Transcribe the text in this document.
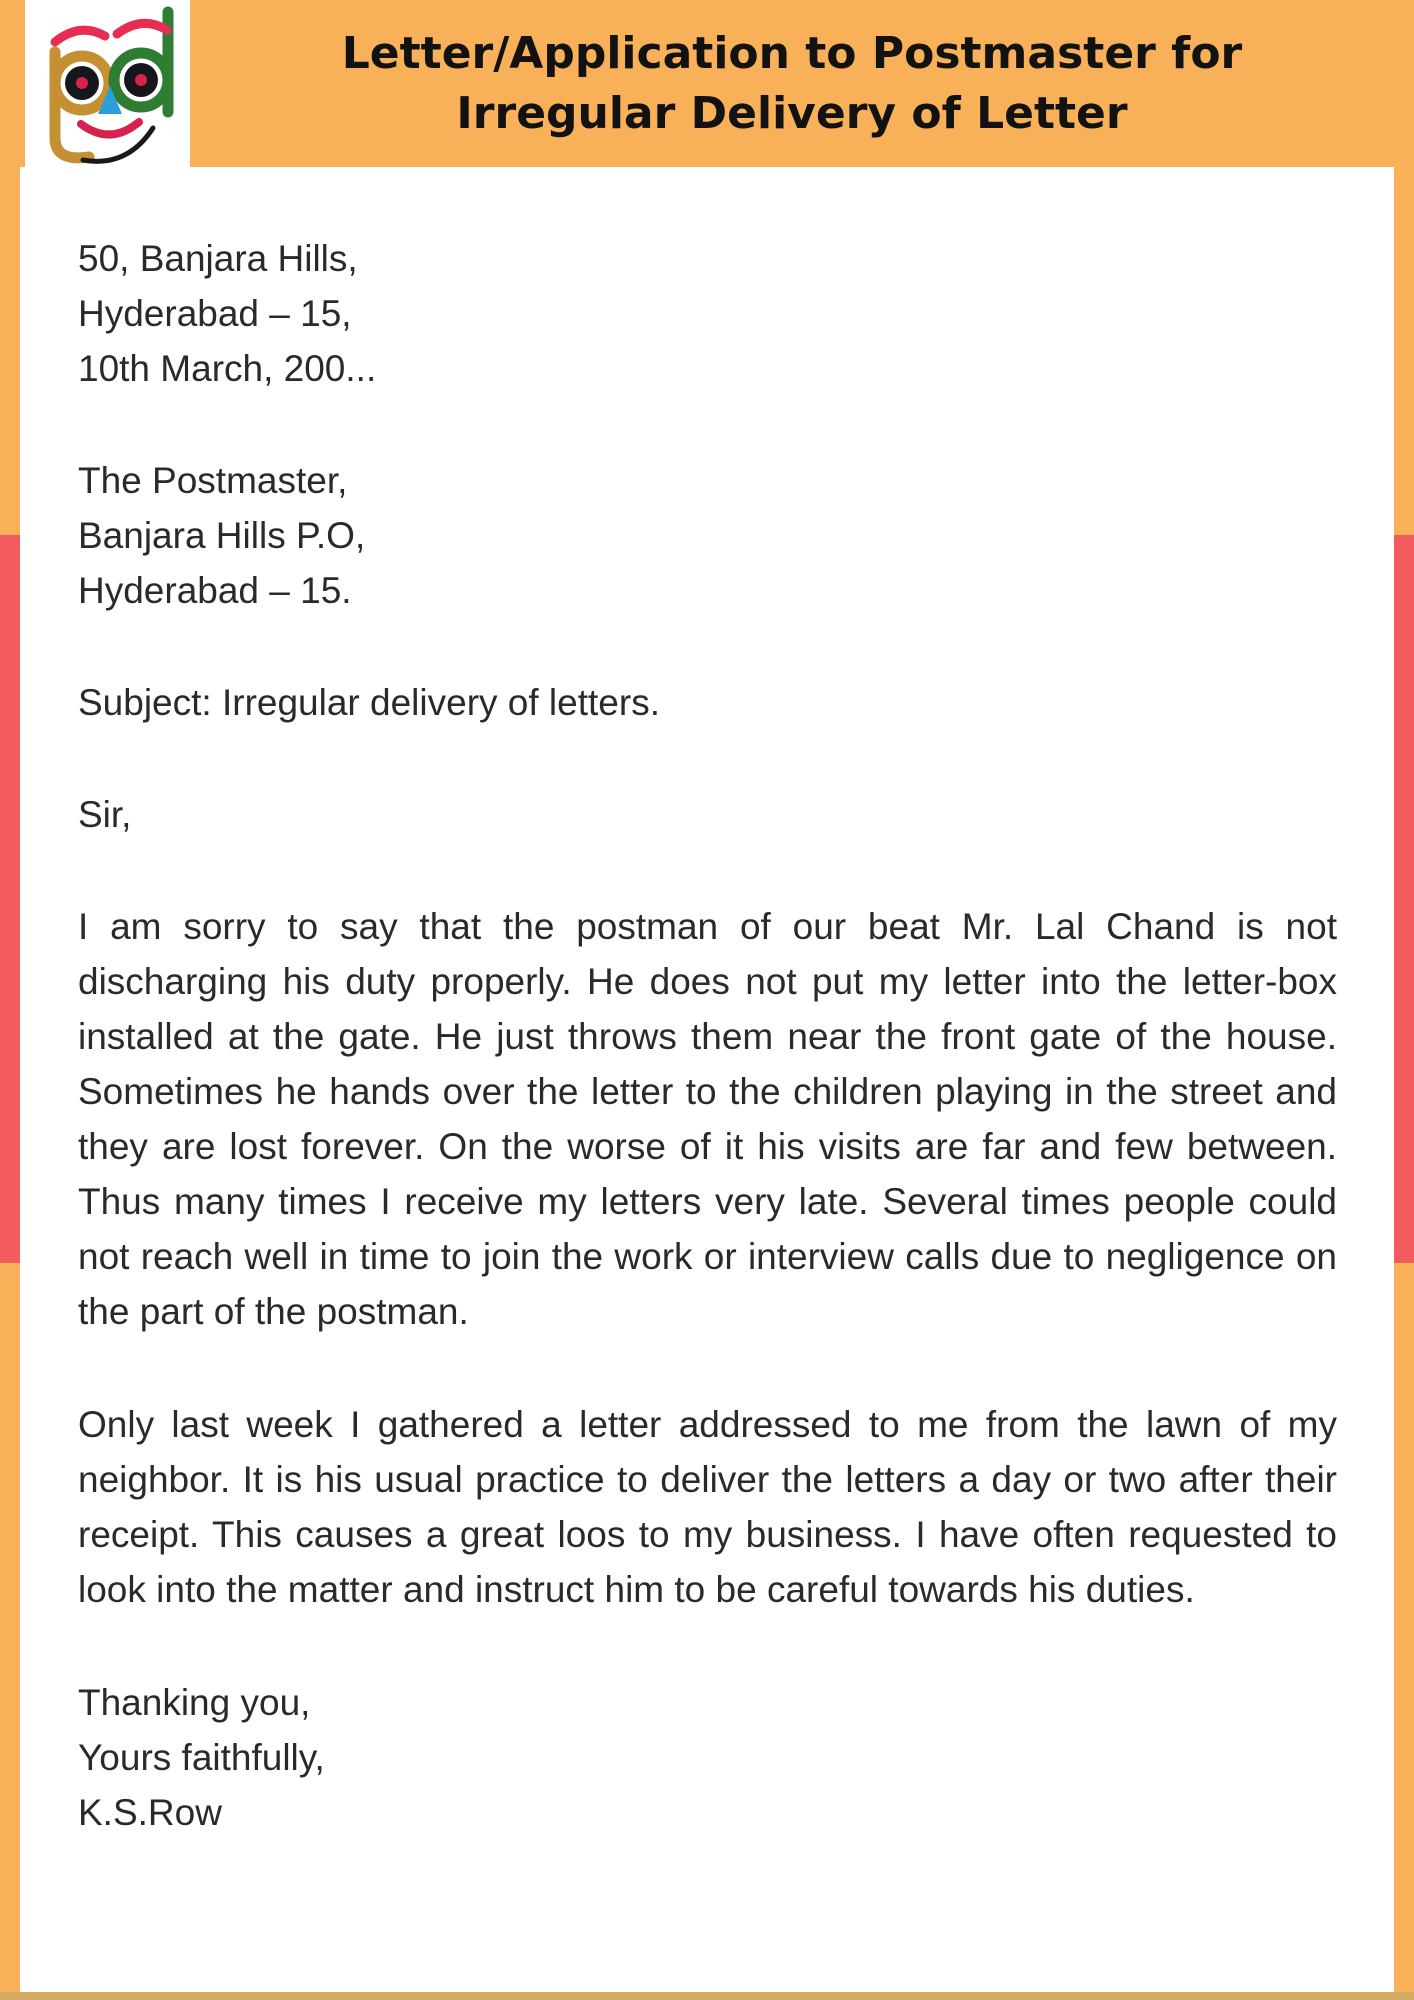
Letter/Application to Postmaster for
Irregular Delivery of Letter
50, Banjara Hills,
Hyderabad – 15,
10th March, 200...
The Postmaster,
Banjara Hills P.O,
Hyderabad – 15.
Subject: Irregular delivery of letters.
Sir,

I am sorry to say that the postman of our beat Mr. Lal Chand is not discharging his duty properly. He does not put my letter into the letter-box installed at the gate. He just throws them near the front gate of the house. Sometimes he hands over the letter to the children playing in the street and they are lost forever. On the worse of it his visits are far and few between. Thus many times I receive my letters very late. Several times people could not reach well in time to join the work or interview calls due to negligence on the part of the postman.

Only last week I gathered a letter addressed to me from the lawn of my neighbor. It is his usual practice to deliver the letters a day or two after their receipt. This causes a great loos to my business. I have often requested to look into the matter and instruct him to be careful towards his duties.

Thanking you,
Yours faithfully,
K.S.Row
